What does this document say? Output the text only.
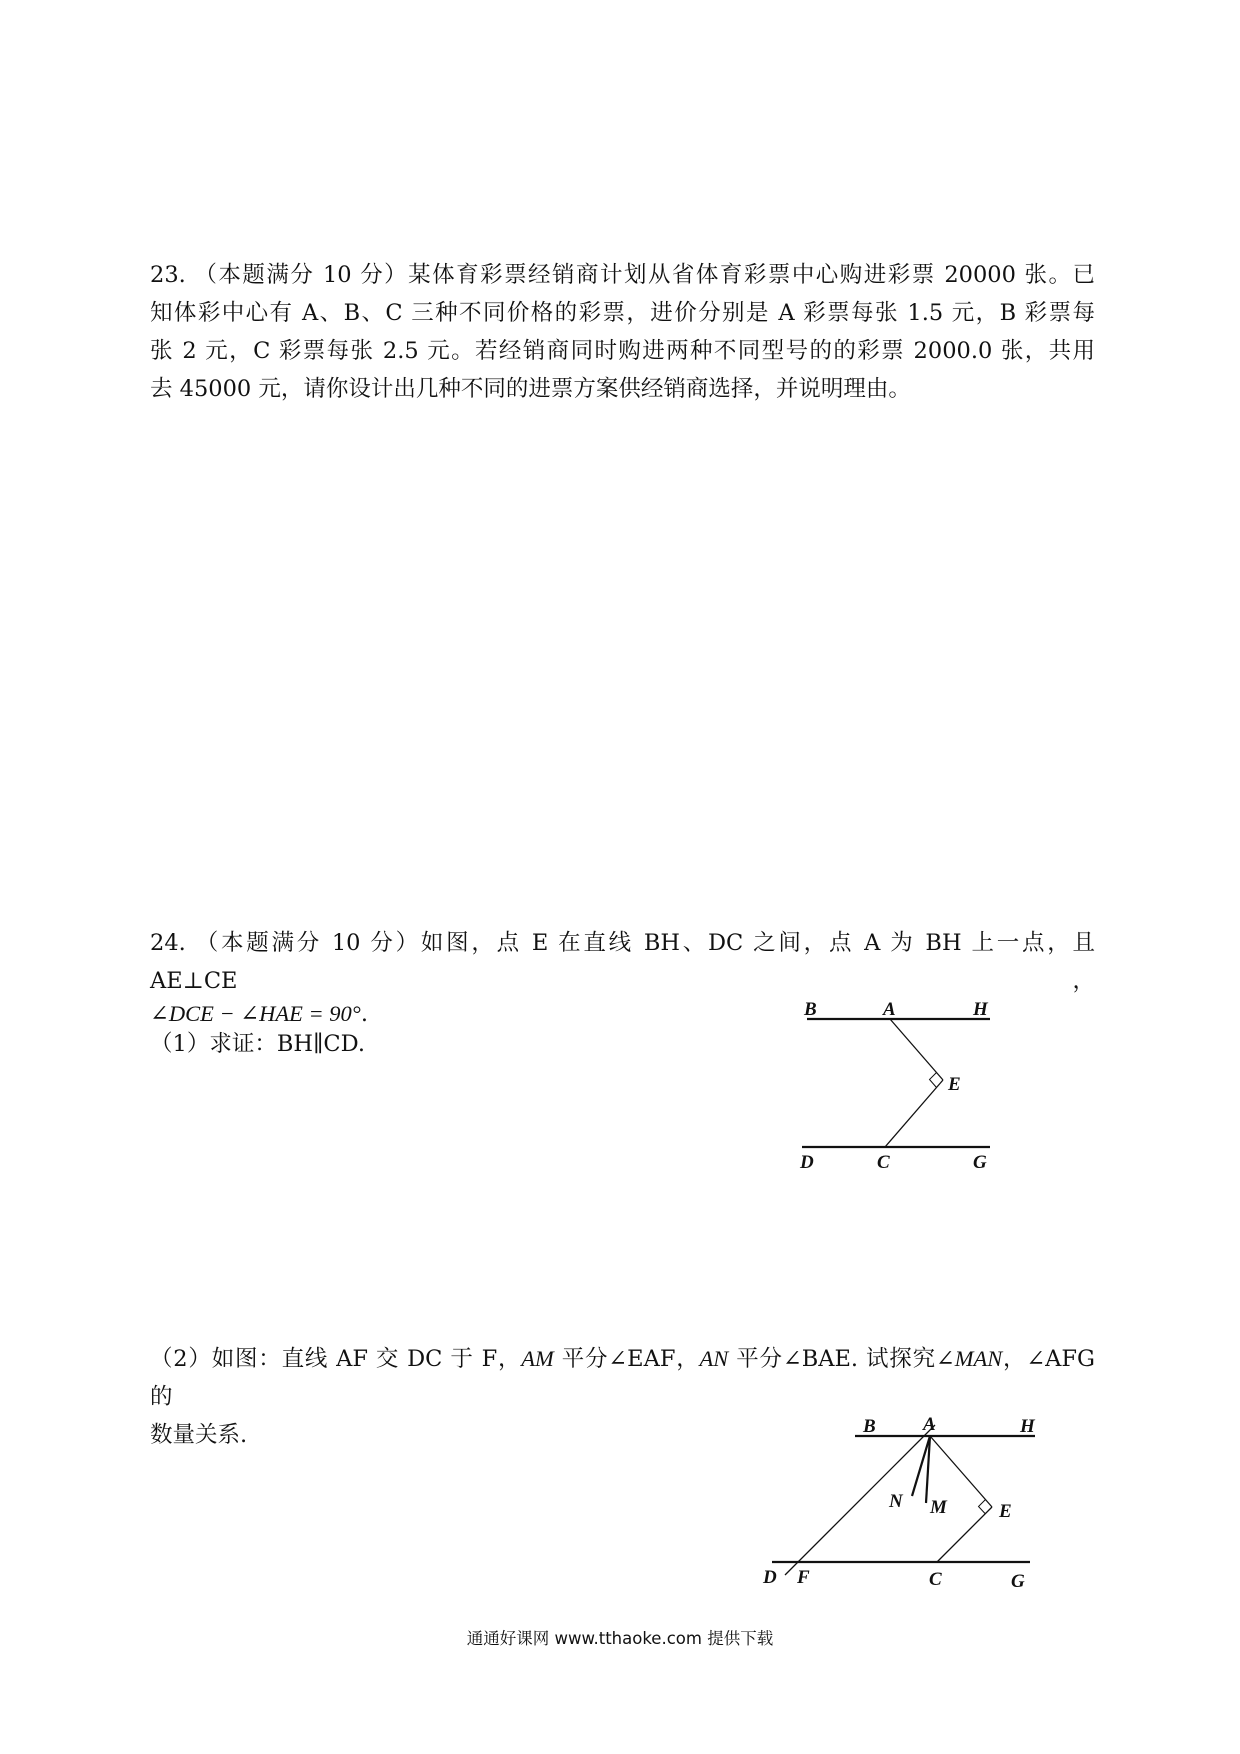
23. （本题满分 10 分）某体育彩票经销商计划从省体育彩票中心购进彩票 20000 张。已
知体彩中心有 A、B、C 三种不同价格的彩票，进价分别是 A 彩票每张 1.5 元，B 彩票每
张 2 元，C 彩票每张 2.5 元。若经销商同时购进两种不同型号的的彩票 2000.0 张，共用
去 45000 元，请你设计出几种不同的进票方案供经销商选择，并说明理由。
24. （本题满分 10 分）如图，点 E 在直线 BH、DC 之间，点 A 为 BH 上一点，且 AE⊥CE，
∠DCE − ∠HAE = 90°.
（1）求证：BH∥CD.
B	A	H
E
D	C	G
（2）如图：直线 AF 交 DC 于 F，AM 平分∠EAF，AN 平分∠BAE. 试探究∠MAN，∠AFG 的
数量关系.	B A	H
N M	E
D F	C	G
通通好课网 www.tthaoke.com 提供下载
